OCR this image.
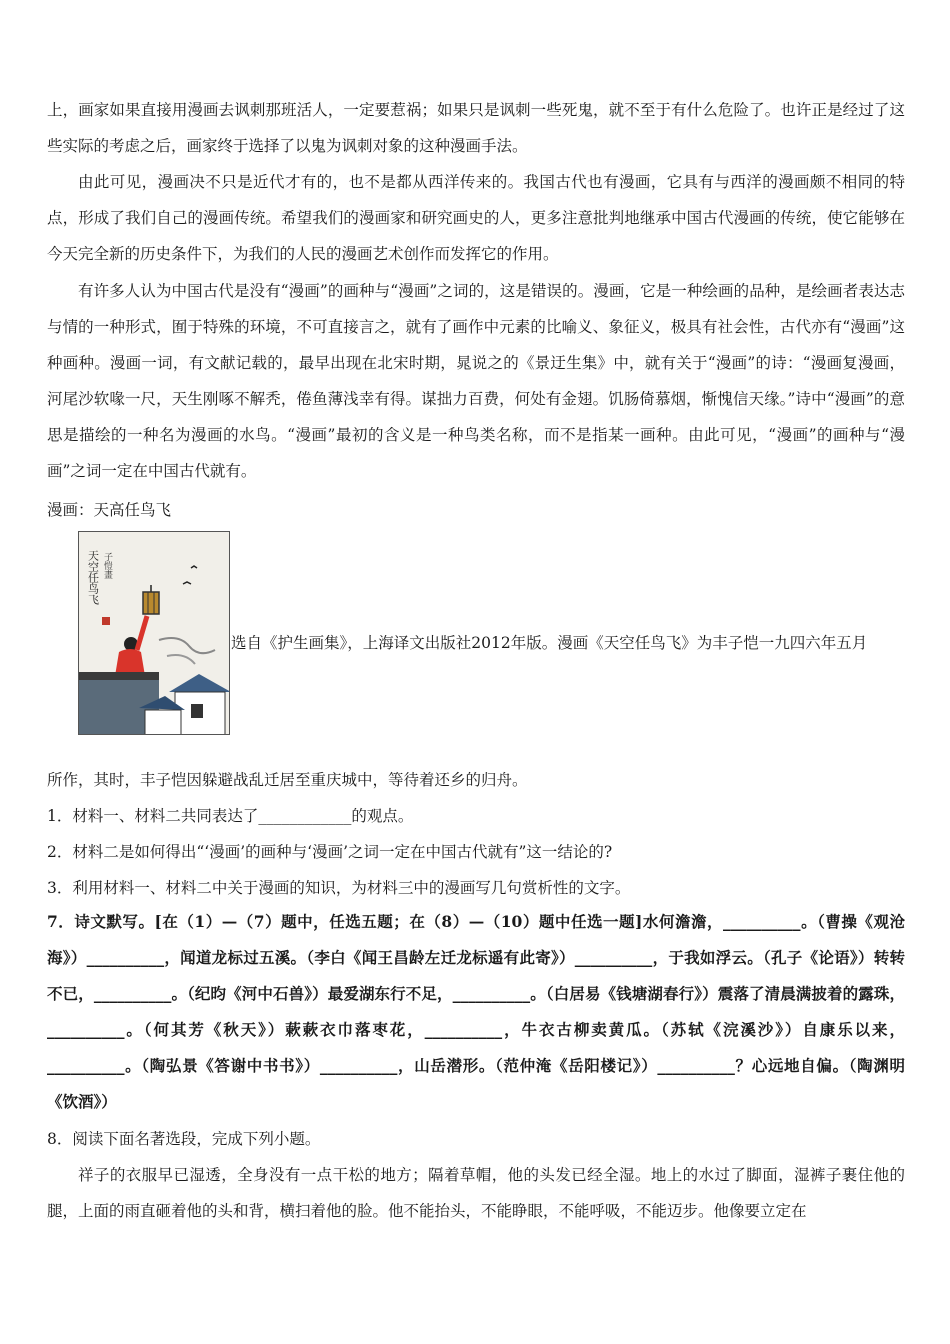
上，画家如果直接用漫画去讽刺那班活人，一定要惹祸；如果只是讽刺一些死鬼，就不至于有什么危险了。也许正是经过了这些实际的考虑之后，画家终于选择了以鬼为讽刺对象的这种漫画手法。

由此可见，漫画决不只是近代才有的，也不是都从西洋传来的。我国古代也有漫画，它具有与西洋的漫画颇不相同的特点，形成了我们自己的漫画传统。希望我们的漫画家和研究画史的人，更多注意批判地继承中国古代漫画的传统，使它能够在今天完全新的历史条件下，为我们的人民的漫画艺术创作而发挥它的作用。

有许多人认为中国古代是没有“漫画”的画种与“漫画”之词的，这是错误的。漫画，它是一种绘画的品种，是绘画者表达志与情的一种形式，囿于特殊的环境，不可直接言之，就有了画作中元素的比喻义、象征义，极具有社会性，古代亦有“漫画”这种画种。漫画一词，有文献记载的，最早出现在北宋时期，晁说之的《景迂生集》中，就有关于“漫画”的诗：“漫画复漫画，河尾沙软喙一尺，天生刚啄不解秃，倦鱼薄浅幸有得。谋拙力百费，何处有金翅。饥肠倚慕烟，惭愧信天缘。”诗中“漫画”的意思是描绘的一种名为漫画的水鸟。“漫画”最初的含义是一种鸟类名称，而不是指某一画种。由此可见，“漫画”的画种与“漫画”之词一定在中国古代就有。

漫画：天高任鸟飞
天空任鸟飞 子愷畫
选自《护生画集》，上海译文出版社2012年版。漫画《天空任鸟飞》为丰子恺一九四六年五月

所作，其时，丰子恺因躲避战乱迁居至重庆城中，等待着还乡的归舟。

1．材料一、材料二共同表达了____________的观点。

2．材料二是如何得出“‘漫画’的画种与‘漫画’之词一定在中国古代就有”这一结论的?

3．利用材料一、材料二中关于漫画的知识，为材料三中的漫画写几句赏析性的文字。

7．诗文默写。[在（1）—（7）题中，任选五题；在（8）—（10）题中任选一题]水何澹澹，__________。（曹操《观沧海》）__________，闻道龙标过五溪。（李白《闻王昌龄左迁龙标遥有此寄》）__________，于我如浮云。（孔子《论语》）转转不已，__________。（纪昀《河中石兽》）最爱湖东行不足，__________。（白居易《钱塘湖春行》）震落了清晨满披着的露珠，__________。（何其芳《秋天》）蔌蔌衣巾落枣花，__________，牛衣古柳卖黄瓜。（苏轼《浣溪沙》）自康乐以来，__________。（陶弘景《答谢中书书》）__________，山岳潜形。（范仲淹《岳阳楼记》）__________？心远地自偏。（陶渊明《饮酒》）

8．阅读下面名著选段，完成下列小题。

祥子的衣服早已湿透，全身没有一点干松的地方；隔着草帽，他的头发已经全湿。地上的水过了脚面，湿裤子裹住他的腿，上面的雨直砸着他的头和背，横扫着他的脸。他不能抬头，不能睁眼，不能呼吸，不能迈步。他像要立定在
